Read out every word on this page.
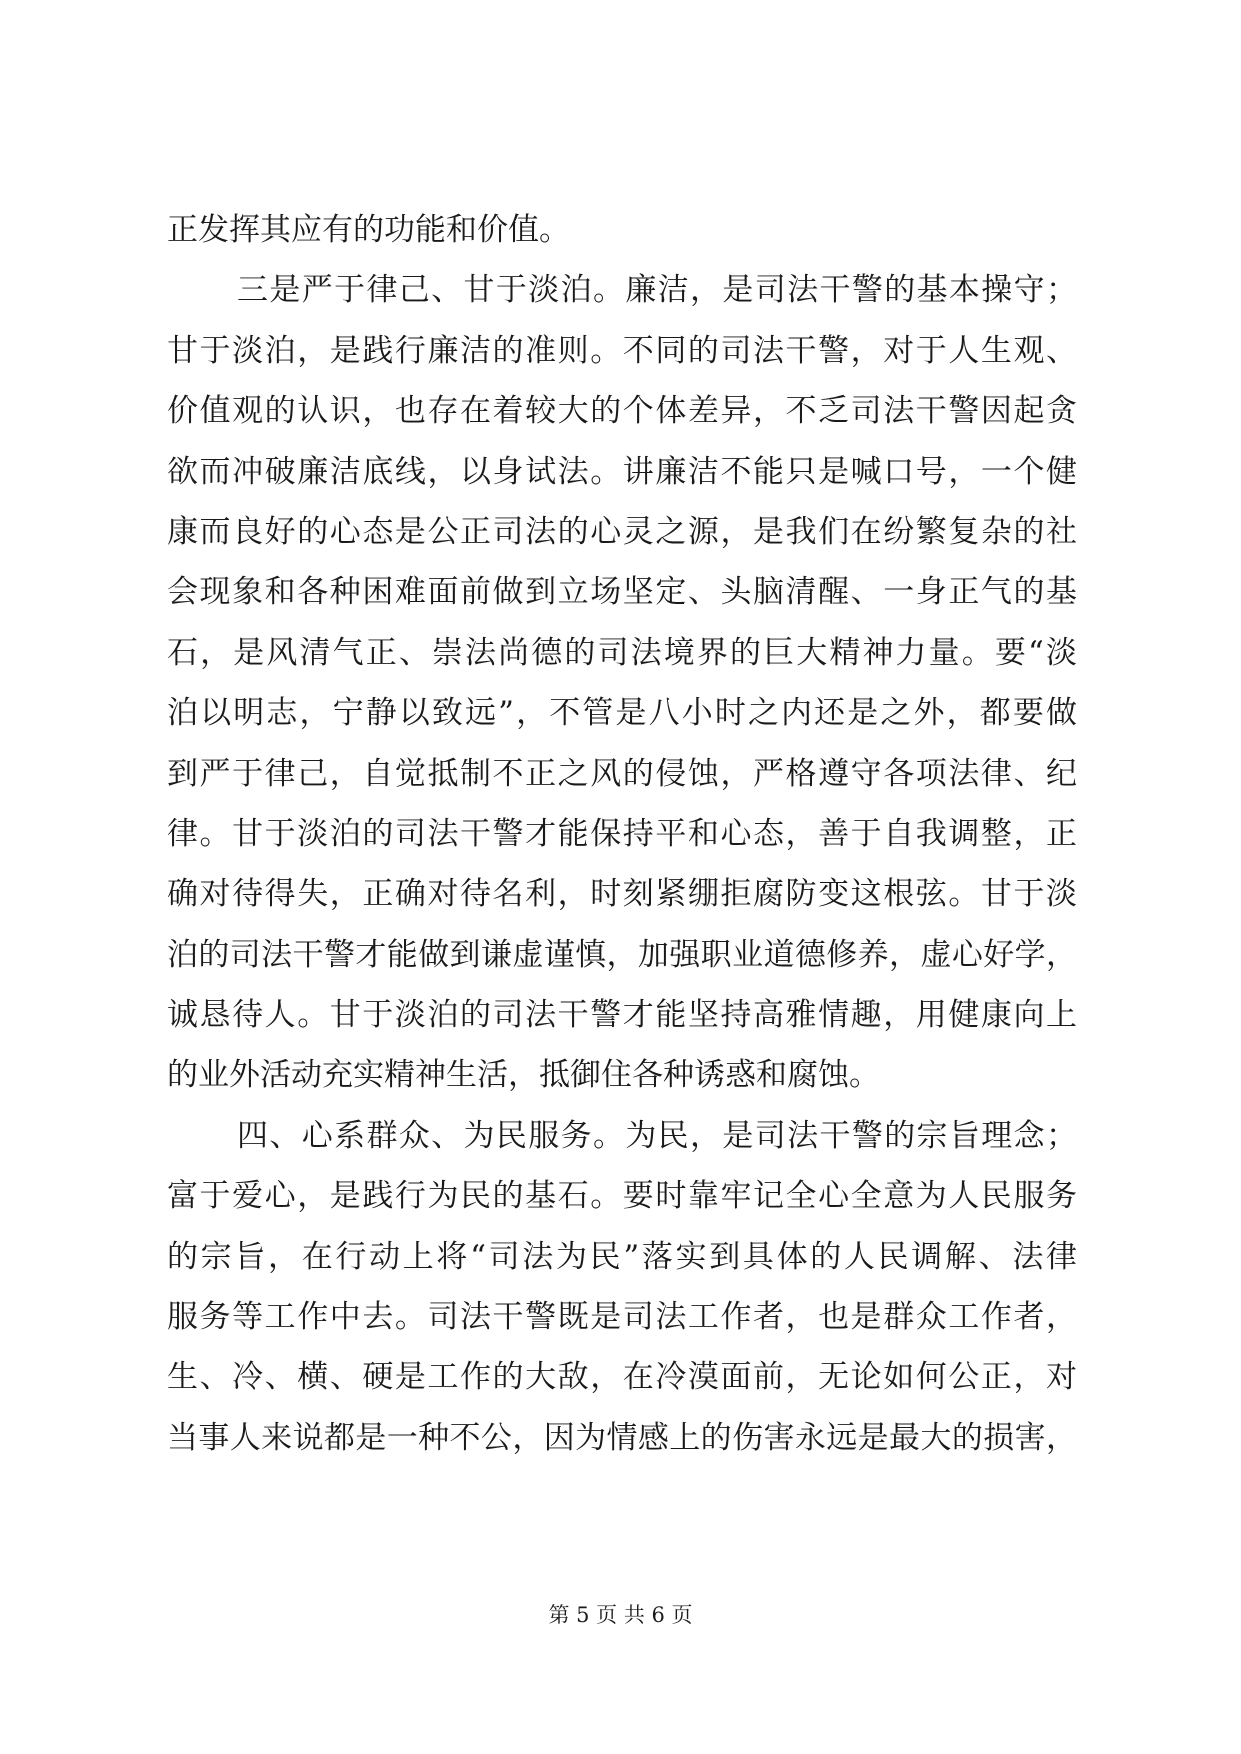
正发挥其应有的功能和价值。
三是严于律己、甘于淡泊。廉洁，是司法干警的基本操守；
甘于淡泊，是践行廉洁的准则。不同的司法干警，对于人生观、
价值观的认识，也存在着较大的个体差异，不乏司法干警因起贪
欲而冲破廉洁底线，以身试法。讲廉洁不能只是喊口号，一个健
康而良好的心态是公正司法的心灵之源，是我们在纷繁复杂的社
会现象和各种困难面前做到立场坚定、头脑清醒、一身正气的基
石，是风清气正、崇法尚德的司法境界的巨大精神力量。要“淡
泊以明志，宁静以致远”，不管是八小时之内还是之外，都要做
到严于律己，自觉抵制不正之风的侵蚀，严格遵守各项法律、纪
律。甘于淡泊的司法干警才能保持平和心态，善于自我调整，正
确对待得失，正确对待名利，时刻紧绷拒腐防变这根弦。甘于淡
泊的司法干警才能做到谦虚谨慎，加强职业道德修养，虚心好学，
诚恳待人。甘于淡泊的司法干警才能坚持高雅情趣，用健康向上
的业外活动充实精神生活，抵御住各种诱惑和腐蚀。
四、心系群众、为民服务。为民，是司法干警的宗旨理念；
富于爱心，是践行为民的基石。要时靠牢记全心全意为人民服务
的宗旨，在行动上将“司法为民”落实到具体的人民调解、法律
服务等工作中去。司法干警既是司法工作者，也是群众工作者，
生、冷、横、硬是工作的大敌，在冷漠面前，无论如何公正，对
当事人来说都是一种不公，因为情感上的伤害永远是最大的损害，
第 5 页 共 6 页
